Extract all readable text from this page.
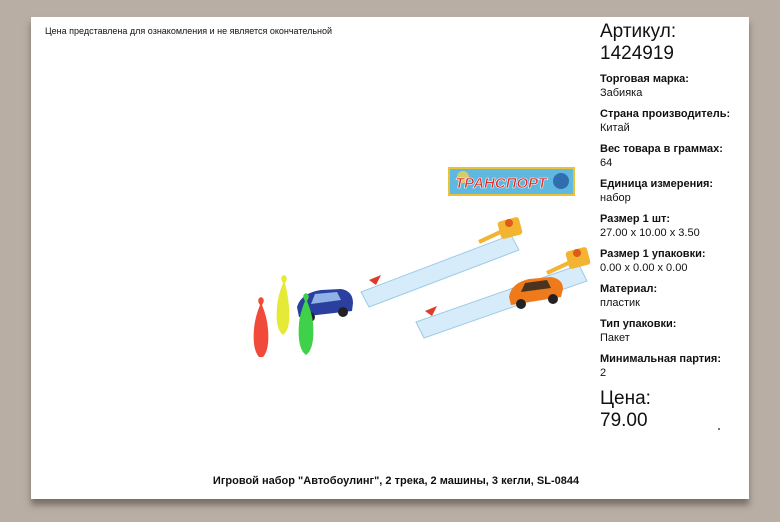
Цена представлена для ознакомления и не является окончательной
ТРАНСПОРТ
Артикул:
1424919
Торговая марка:
Забияка
Страна производитель:
Китай
Вес товара в граммах:
64
Единица измерения:
набор
Размер 1 шт:
27.00 x 10.00 x 3.50
Размер 1 упаковки:
0.00 x 0.00 x 0.00
Материал:
пластик
Тип упаковки:
Пакет
Минимальная партия:
2
Цена:
79.00
Игровой набор "Автобоулинг", 2 трека, 2 машины, 3 кегли, SL-0844
